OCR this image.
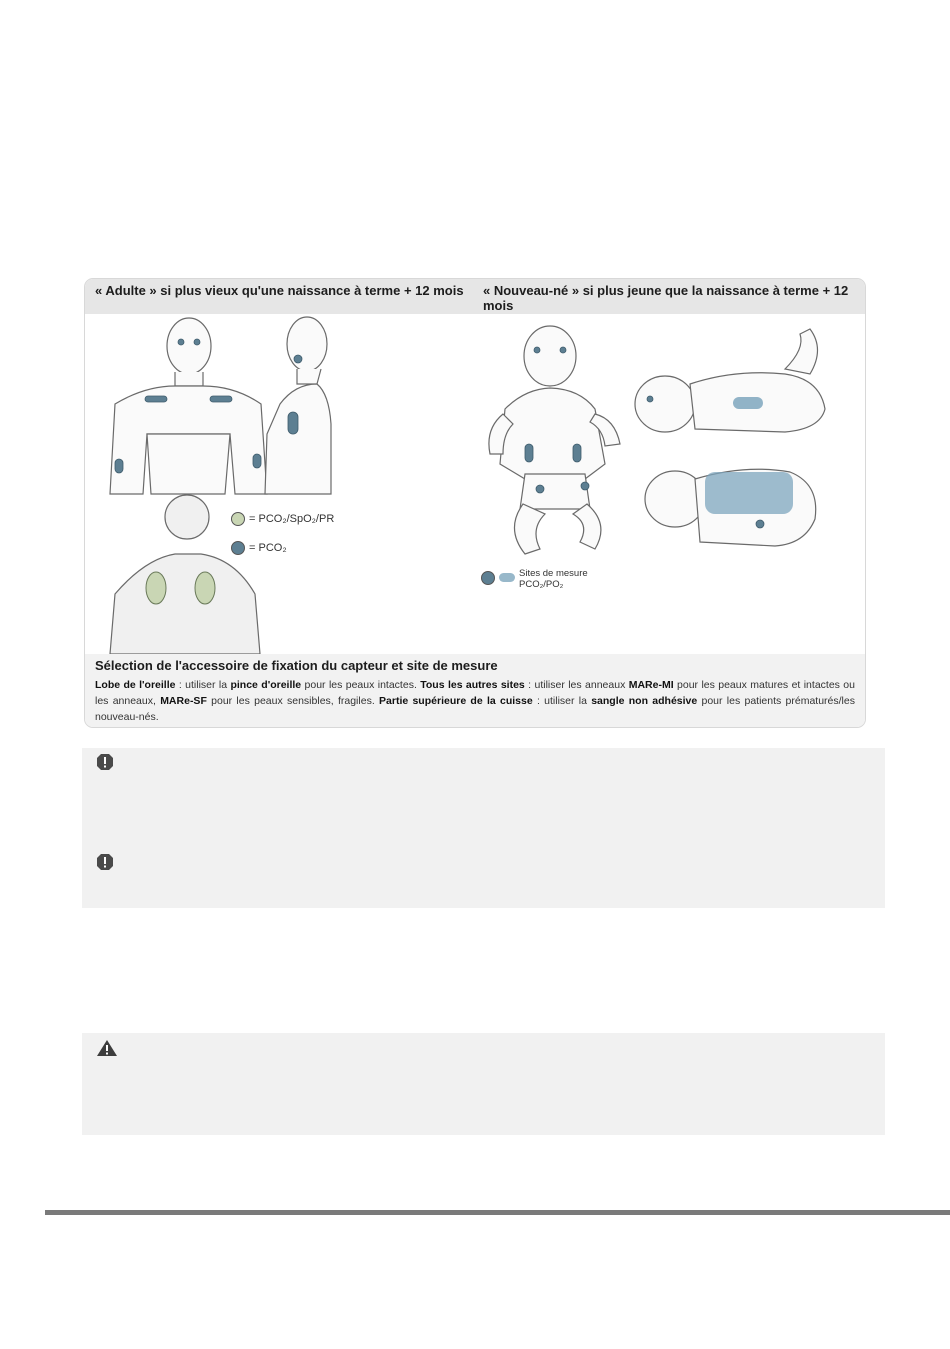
« Adulte » si plus vieux qu'une naissance à terme + 12 mois	« Nouveau-né » si plus jeune que la naissance à terme + 12 mois
= PCO₂/SpO₂/PR
= PCO₂
Sites de mesure
PCO₂/PO₂
Sélection de l'accessoire de fixation du capteur et site de mesure
Lobe de l'oreille : utiliser la pince d'oreille pour les peaux intactes. Tous les autres sites : utiliser les anneaux MARe-MI pour les peaux matures et intactes ou les anneaux, MARe-SF pour les peaux sensibles, fragiles. Partie supérieure de la cuisse : utiliser la sangle non adhésive pour les patients prématurés/les nouveau-nés.
